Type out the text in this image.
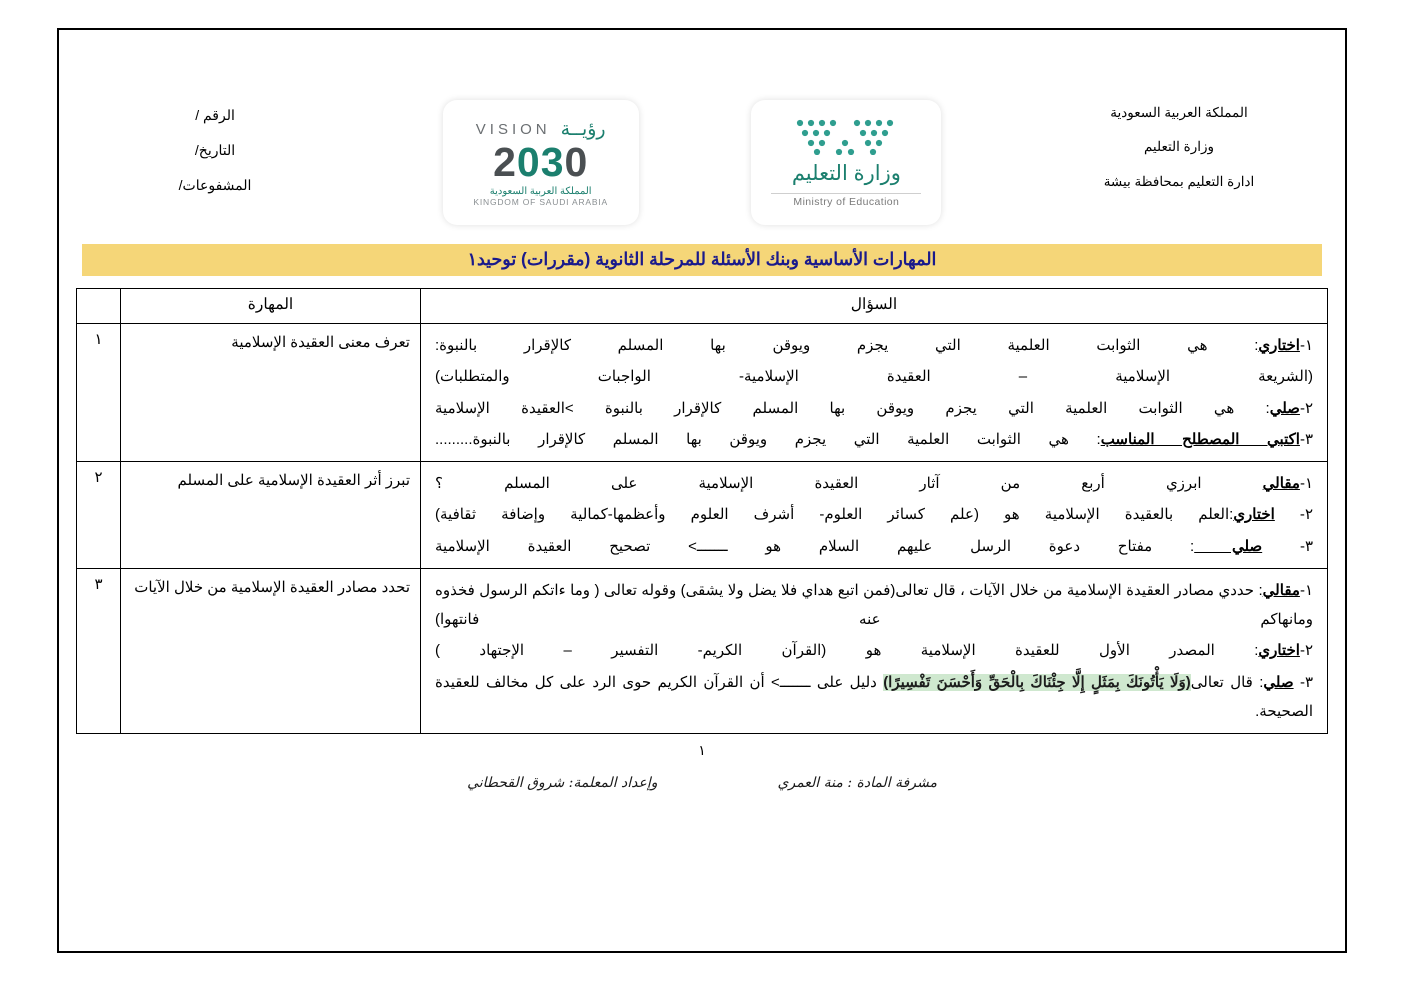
المملكة العربية السعودية
وزارة التعليم
ادارة التعليم بمحافظة بيشة
وزارة التعليم
Ministry of Education
VISION رؤيــة
2030
المملكة العربية السعودية
KINGDOM OF SAUDI ARABIA
الرقم /
التاريخ/
المشفوعات/
المهارات الأساسية وبنك الأسئلة للمرحلة الثانوية (مقررات) توحيد١
السؤال	المهارة	

١-اختاري: هي الثوابت العلمية التي يجزم ويوقن بها المسلم كالإقرار بالنبوة:
(الشريعة الإسلامية – العقيدة الإسلامية- الواجبات والمتطلبات)
٢-صلي: هي الثوابت العلمية التي يجزم ويوقن بها المسلم كالإقرار بالنبوة >العقيدة الإسلامية
٣-اكتبي المصطلح المناسب: هي الثوابت العلمية التي يجزم ويوقن بها المسلم كالإقرار بالنبوة.........	تعرف معنى العقيدة الإسلامية	١

١-مقالي ابرزي أربع من آثار العقيدة الإسلامية على المسلم ؟
٢- اختاري:العلم بالعقيدة الإسلامية هو (علم كسائر العلوم- أشرف العلوم وأعظمها-كمالية وإضافة ثقافية)
٣- صلي : مفتاح دعوة الرسل عليهم السلام هو ـــــــ> تصحيح العقيدة الإسلامية	تبرز أثر العقيدة الإسلامية على المسلم	٢

١-مقالي: حددي مصادر العقيدة الإسلامية من خلال الآيات ، قال تعالى(فمن اتبع هداي فلا يضل ولا يشقى) وقوله تعالى ( وما ءاتكم الرسول فخذوه ومانهاكم عنه فانتهوا)
٢-اختاري: المصدر الأول للعقيدة الإسلامية هو (القرآن الكريم- التفسير – الإجتهاد )
٣- صلي: قال تعالى(وَلَا يَأْتُونَكَ بِمَثَلٍ إِلَّا جِئْنَاكَ بِالْحَقِّ وَأَحْسَنَ تَفْسِيرًا) دليل على ـــــــ> أن القرآن الكريم حوى الرد على كل مخالف للعقيدة الصحيحة.	تحدد مصادر العقيدة الإسلامية من خلال الآيات	٣
١
وإعداد المعلمة: شروق القحطاني	مشرفة المادة : منة العمري
